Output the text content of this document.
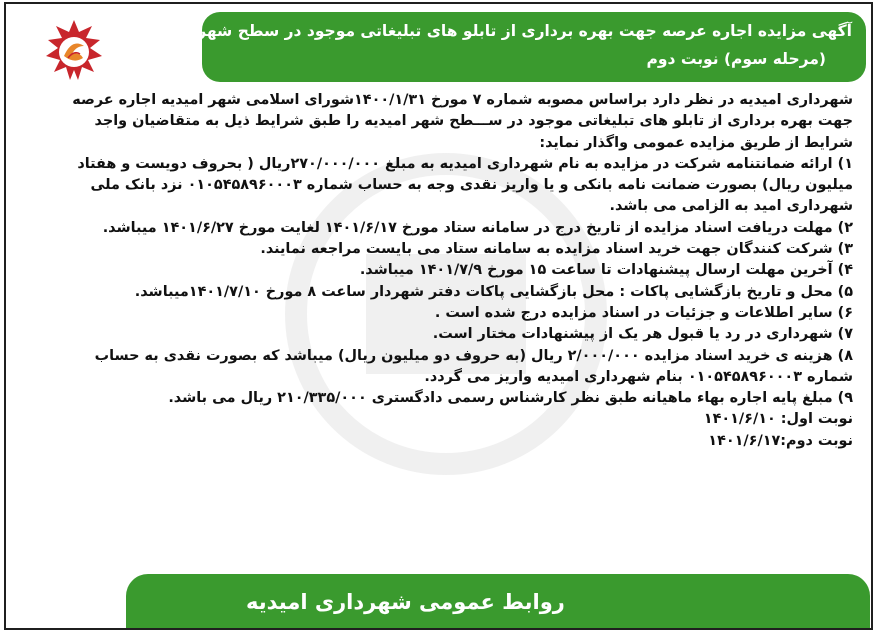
آگهی مزایده اجاره عرصه جهت بهره برداری از تابلو های تبلیغاتی موجود در سطح شهر امیدیه
(مرحله سوم) نوبت دوم
شهرداری امیدیه در نظر دارد براساس مصوبه شماره ۷ مورخ ۱۴۰۰/۱/۳۱شورای اسلامی شهر امیدیه اجاره عرصه
جهت بهره برداری از تابلو های تبلیغاتی موجود در ســـطح شهر امیدیه را طبق شرایط ذیل به متقاضیان واجد
شرایط از طریق مزایده عمومی واگذار نماید:
۱) ارائه ضمانتنامه شرکت در مزایده به نام شهرداری امیدیه به مبلغ ۲۷۰/۰۰۰/۰۰۰ریال ( بحروف دویست و هفتاد
میلیون ریال) بصورت ضمانت نامه بانکی و یا واریز نقدی وجه به حساب شماره ۰۱۰۵۴۵۸۹۶۰۰۰۳ نزد بانک ملی
شهرداری امید به الزامی می باشد.
۲) مهلت دریافت اسناد مزایده از تاریخ درج در سامانه ستاد مورخ ۱۴۰۱/۶/۱۷ لغایت مورخ ۱۴۰۱/۶/۲۷ میباشد.
۳) شرکت کنندگان جهت خرید اسناد مزایده به سامانه ستاد می بایست مراجعه نمایند.
۴) آخرین مهلت ارسال پیشنهادات تا ساعت ۱۵ مورخ ۱۴۰۱/۷/۹ میباشد.
۵) محل و تاریخ بازگشایی پاکات : محل بازگشایی پاکات دفتر شهردار ساعت ۸ مورخ ۱۴۰۱/۷/۱۰میباشد.
۶) سایر اطلاعات و جزئیات در اسناد مزایده درج شده است .
۷) شهرداری در رد یا قبول هر یک از پیشنهادات مختار است.
۸) هزینه ی خرید اسناد مزایده ۲/۰۰۰/۰۰۰ ریال (به حروف دو میلیون ریال) میباشد که بصورت نقدی به حساب
شماره ۰۱۰۵۴۵۸۹۶۰۰۰۳ بنام شهرداری امیدیه واریز می گردد.
۹) مبلغ پایه اجاره بهاء ماهیانه طبق نظر کارشناس رسمی دادگستری ۲۱۰/۳۳۵/۰۰۰ ریال می باشد.
نوبت اول: ۱۴۰۱/۶/۱۰
نوبت دوم:۱۴۰۱/۶/۱۷
روابط عمومی شهرداری امیدیه
